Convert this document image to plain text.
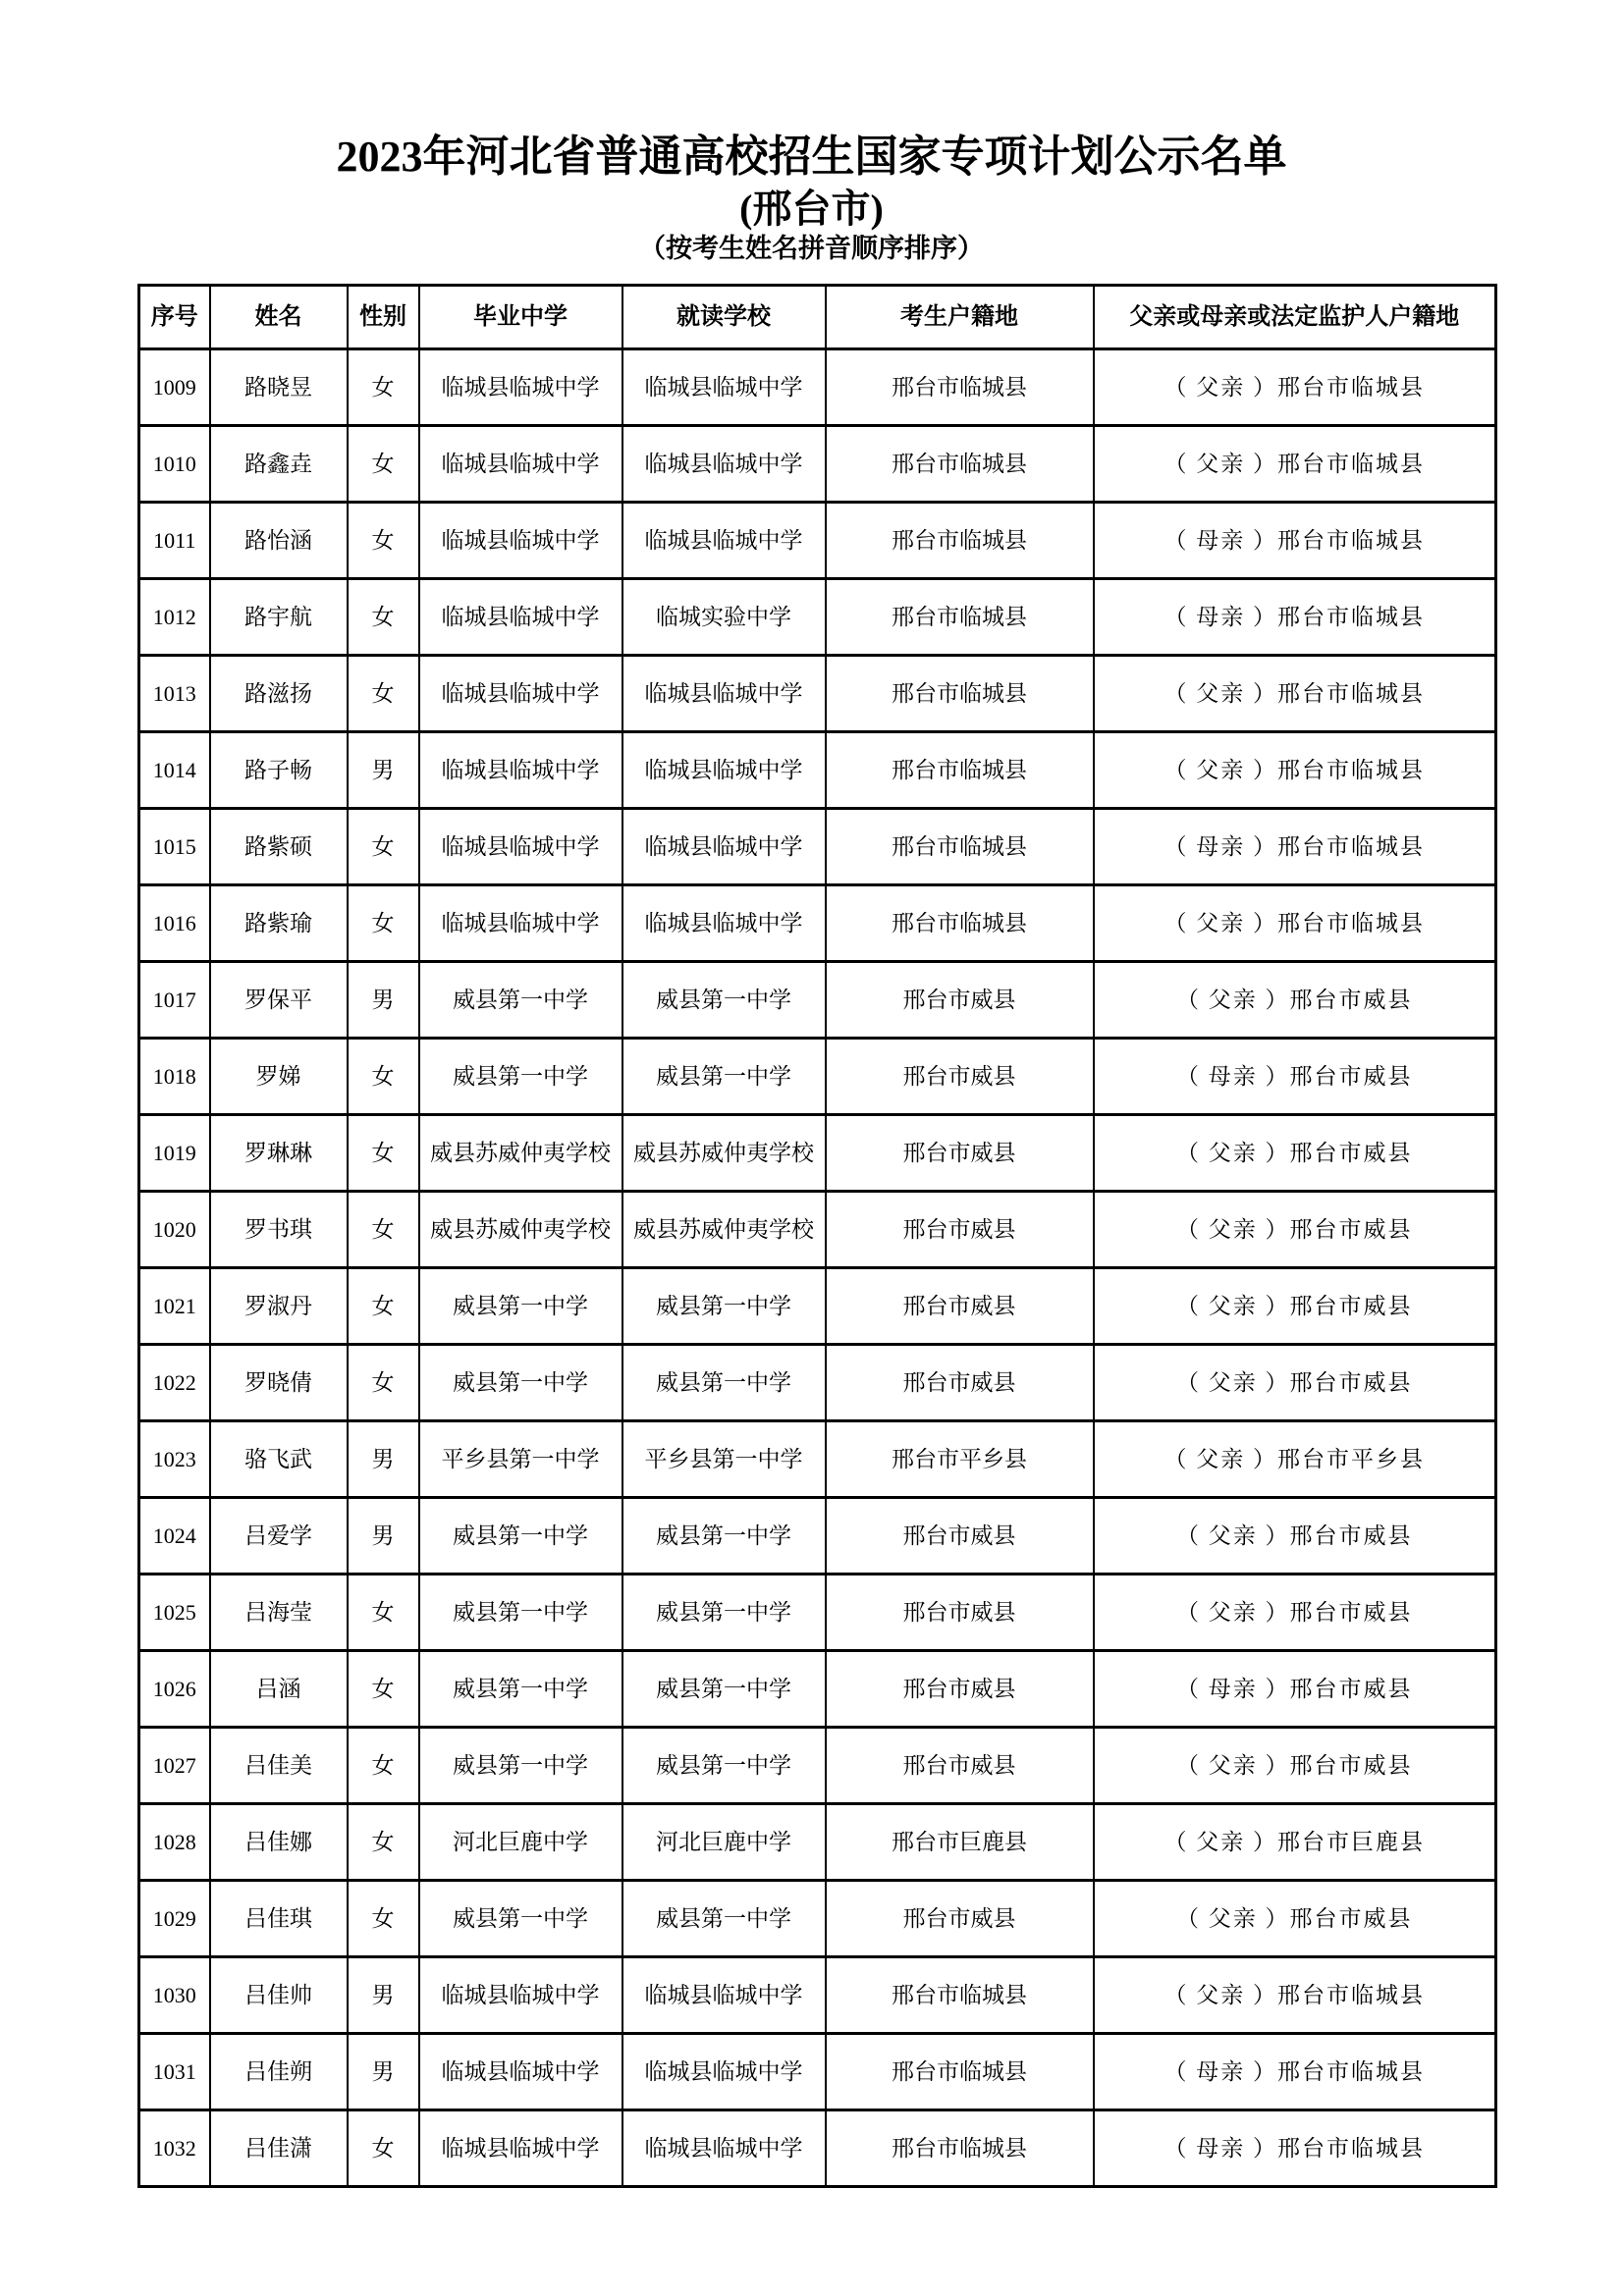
2023年河北省普通高校招生国家专项计划公示名单
(邢台市)
（按考生姓名拼音顺序排序）
序号	姓名	性别	毕业中学	就读学校	考生户籍地	父亲或母亲或法定监护人户籍地
1009	路晓昱	女	临城县临城中学	临城县临城中学	邢台市临城县	（ 父亲 ）邢台市临城县
1010	路鑫垚	女	临城县临城中学	临城县临城中学	邢台市临城县	（ 父亲 ）邢台市临城县
1011	路怡涵	女	临城县临城中学	临城县临城中学	邢台市临城县	（ 母亲 ）邢台市临城县
1012	路宇航	女	临城县临城中学	临城实验中学	邢台市临城县	（ 母亲 ）邢台市临城县
1013	路滋扬	女	临城县临城中学	临城县临城中学	邢台市临城县	（ 父亲 ）邢台市临城县
1014	路子畅	男	临城县临城中学	临城县临城中学	邢台市临城县	（ 父亲 ）邢台市临城县
1015	路紫硕	女	临城县临城中学	临城县临城中学	邢台市临城县	（ 母亲 ）邢台市临城县
1016	路紫瑜	女	临城县临城中学	临城县临城中学	邢台市临城县	（ 父亲 ）邢台市临城县
1017	罗保平	男	威县第一中学	威县第一中学	邢台市威县	（ 父亲 ）邢台市威县
1018	罗娣	女	威县第一中学	威县第一中学	邢台市威县	（ 母亲 ）邢台市威县
1019	罗琳琳	女	威县苏威仲夷学校	威县苏威仲夷学校	邢台市威县	（ 父亲 ）邢台市威县
1020	罗书琪	女	威县苏威仲夷学校	威县苏威仲夷学校	邢台市威县	（ 父亲 ）邢台市威县
1021	罗淑丹	女	威县第一中学	威县第一中学	邢台市威县	（ 父亲 ）邢台市威县
1022	罗晓倩	女	威县第一中学	威县第一中学	邢台市威县	（ 父亲 ）邢台市威县
1023	骆飞武	男	平乡县第一中学	平乡县第一中学	邢台市平乡县	（ 父亲 ）邢台市平乡县
1024	吕爱学	男	威县第一中学	威县第一中学	邢台市威县	（ 父亲 ）邢台市威县
1025	吕海莹	女	威县第一中学	威县第一中学	邢台市威县	（ 父亲 ）邢台市威县
1026	吕涵	女	威县第一中学	威县第一中学	邢台市威县	（ 母亲 ）邢台市威县
1027	吕佳美	女	威县第一中学	威县第一中学	邢台市威县	（ 父亲 ）邢台市威县
1028	吕佳娜	女	河北巨鹿中学	河北巨鹿中学	邢台市巨鹿县	（ 父亲 ）邢台市巨鹿县
1029	吕佳琪	女	威县第一中学	威县第一中学	邢台市威县	（ 父亲 ）邢台市威县
1030	吕佳帅	男	临城县临城中学	临城县临城中学	邢台市临城县	（ 父亲 ）邢台市临城县
1031	吕佳朔	男	临城县临城中学	临城县临城中学	邢台市临城县	（ 母亲 ）邢台市临城县
1032	吕佳潇	女	临城县临城中学	临城县临城中学	邢台市临城县	（ 母亲 ）邢台市临城县
